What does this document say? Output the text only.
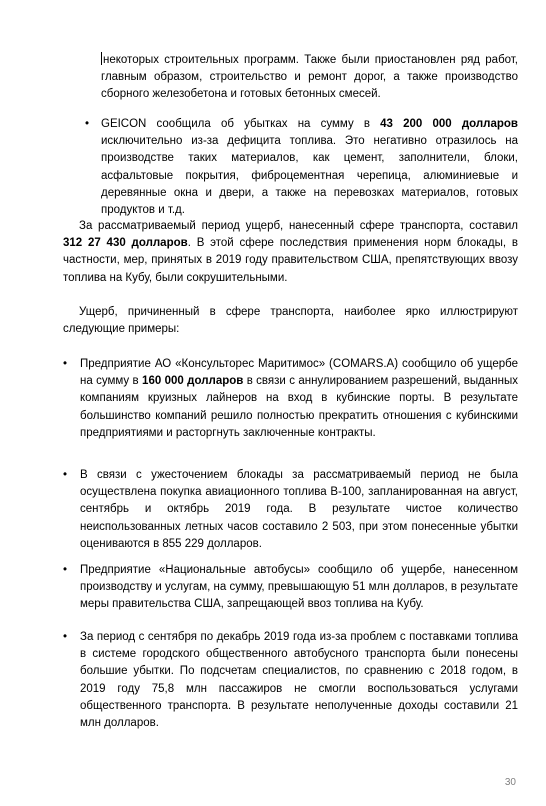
некоторых строительных программ. Также были приостановлен ряд работ, главным образом, строительство и ремонт дорог, а также производство сборного железобетона и готовых бетонных смесей.
•	GEICON сообщила об убытках на сумму в 43 200 000 долларов исключительно из-за дефицита топлива. Это негативно отразилось на производстве таких материалов, как цемент, заполнители, блоки, асфальтовые покрытия, фиброцементная черепица, алюминиевые и деревянные окна и двери, а также на перевозках материалов, готовых продуктов и т.д.

За рассматриваемый период ущерб, нанесенный сфере транспорта, составил 312 27 430 долларов. В этой сфере последствия применения норм блокады, в частности, мер, принятых в 2019 году правительством США, препятствующих ввозу топлива на Кубу, были сокрушительными.

Ущерб, причиненный в сфере транспорта, наиболее ярко иллюстрируют следующие примеры:

•	Предприятие АО «Консульторес Маритимос» (COMARS.A) сообщило об ущербе на сумму в 160 000 долларов в связи с аннулированием разрешений, выданных компаниям круизных лайнеров на вход в кубинские порты. В результате большинство компаний решило полностью прекратить отношения с кубинскими предприятиями и расторгнуть заключенные контракты.
•	В связи с ужесточением блокады за рассматриваемый период не была осуществлена покупка авиационного топлива В-100, запланированная на август, сентябрь и октябрь 2019 года. В результате чистое количество неиспользованных летных часов составило 2 503, при этом понесенные убытки оцениваются в 855 229 долларов.
•	Предприятие «Национальные автобусы» сообщило об ущербе, нанесенном производству и услугам, на сумму, превышающую 51 млн долларов, в результате меры правительства США, запрещающей ввоз топлива на Кубу.
•	За период с сентября по декабрь 2019 года из-за проблем с поставками топлива в системе городского общественного автобусного транспорта были понесены большие убытки. По подсчетам специалистов, по сравнению с 2018 годом, в 2019 году 75,8 млн пассажиров не смогли воспользоваться услугами общественного транспорта. В результате неполученные доходы составили 21 млн долларов.
30
